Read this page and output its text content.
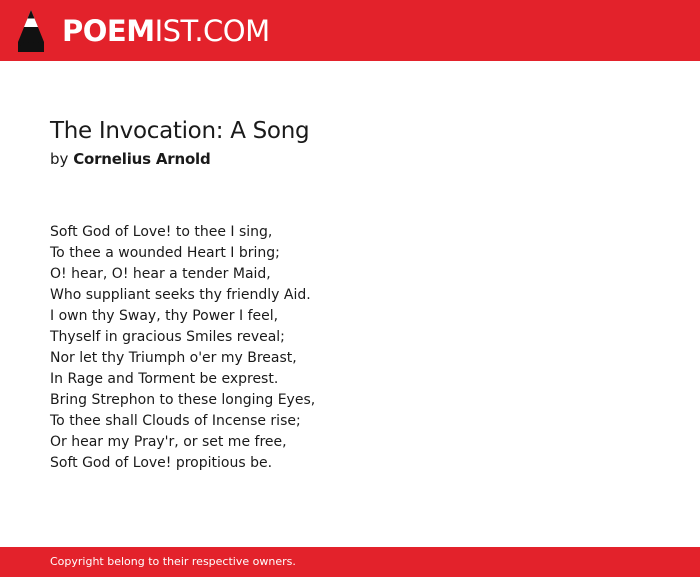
POEMIST.COM
The Invocation: A Song

by Cornelius Arnold

Soft God of Love! to thee I sing,
To thee a wounded Heart I bring;
O! hear, O! hear a tender Maid,
Who suppliant seeks thy friendly Aid.
I own thy Sway, thy Power I feel,
Thyself in gracious Smiles reveal;
Nor let thy Triumph o'er my Breast,
In Rage and Torment be exprest.
Bring Strephon to these longing Eyes,
To thee shall Clouds of Incense rise;
Or hear my Pray'r, or set me free,
Soft God of Love! propitious be.
Copyright belong to their respective owners.
